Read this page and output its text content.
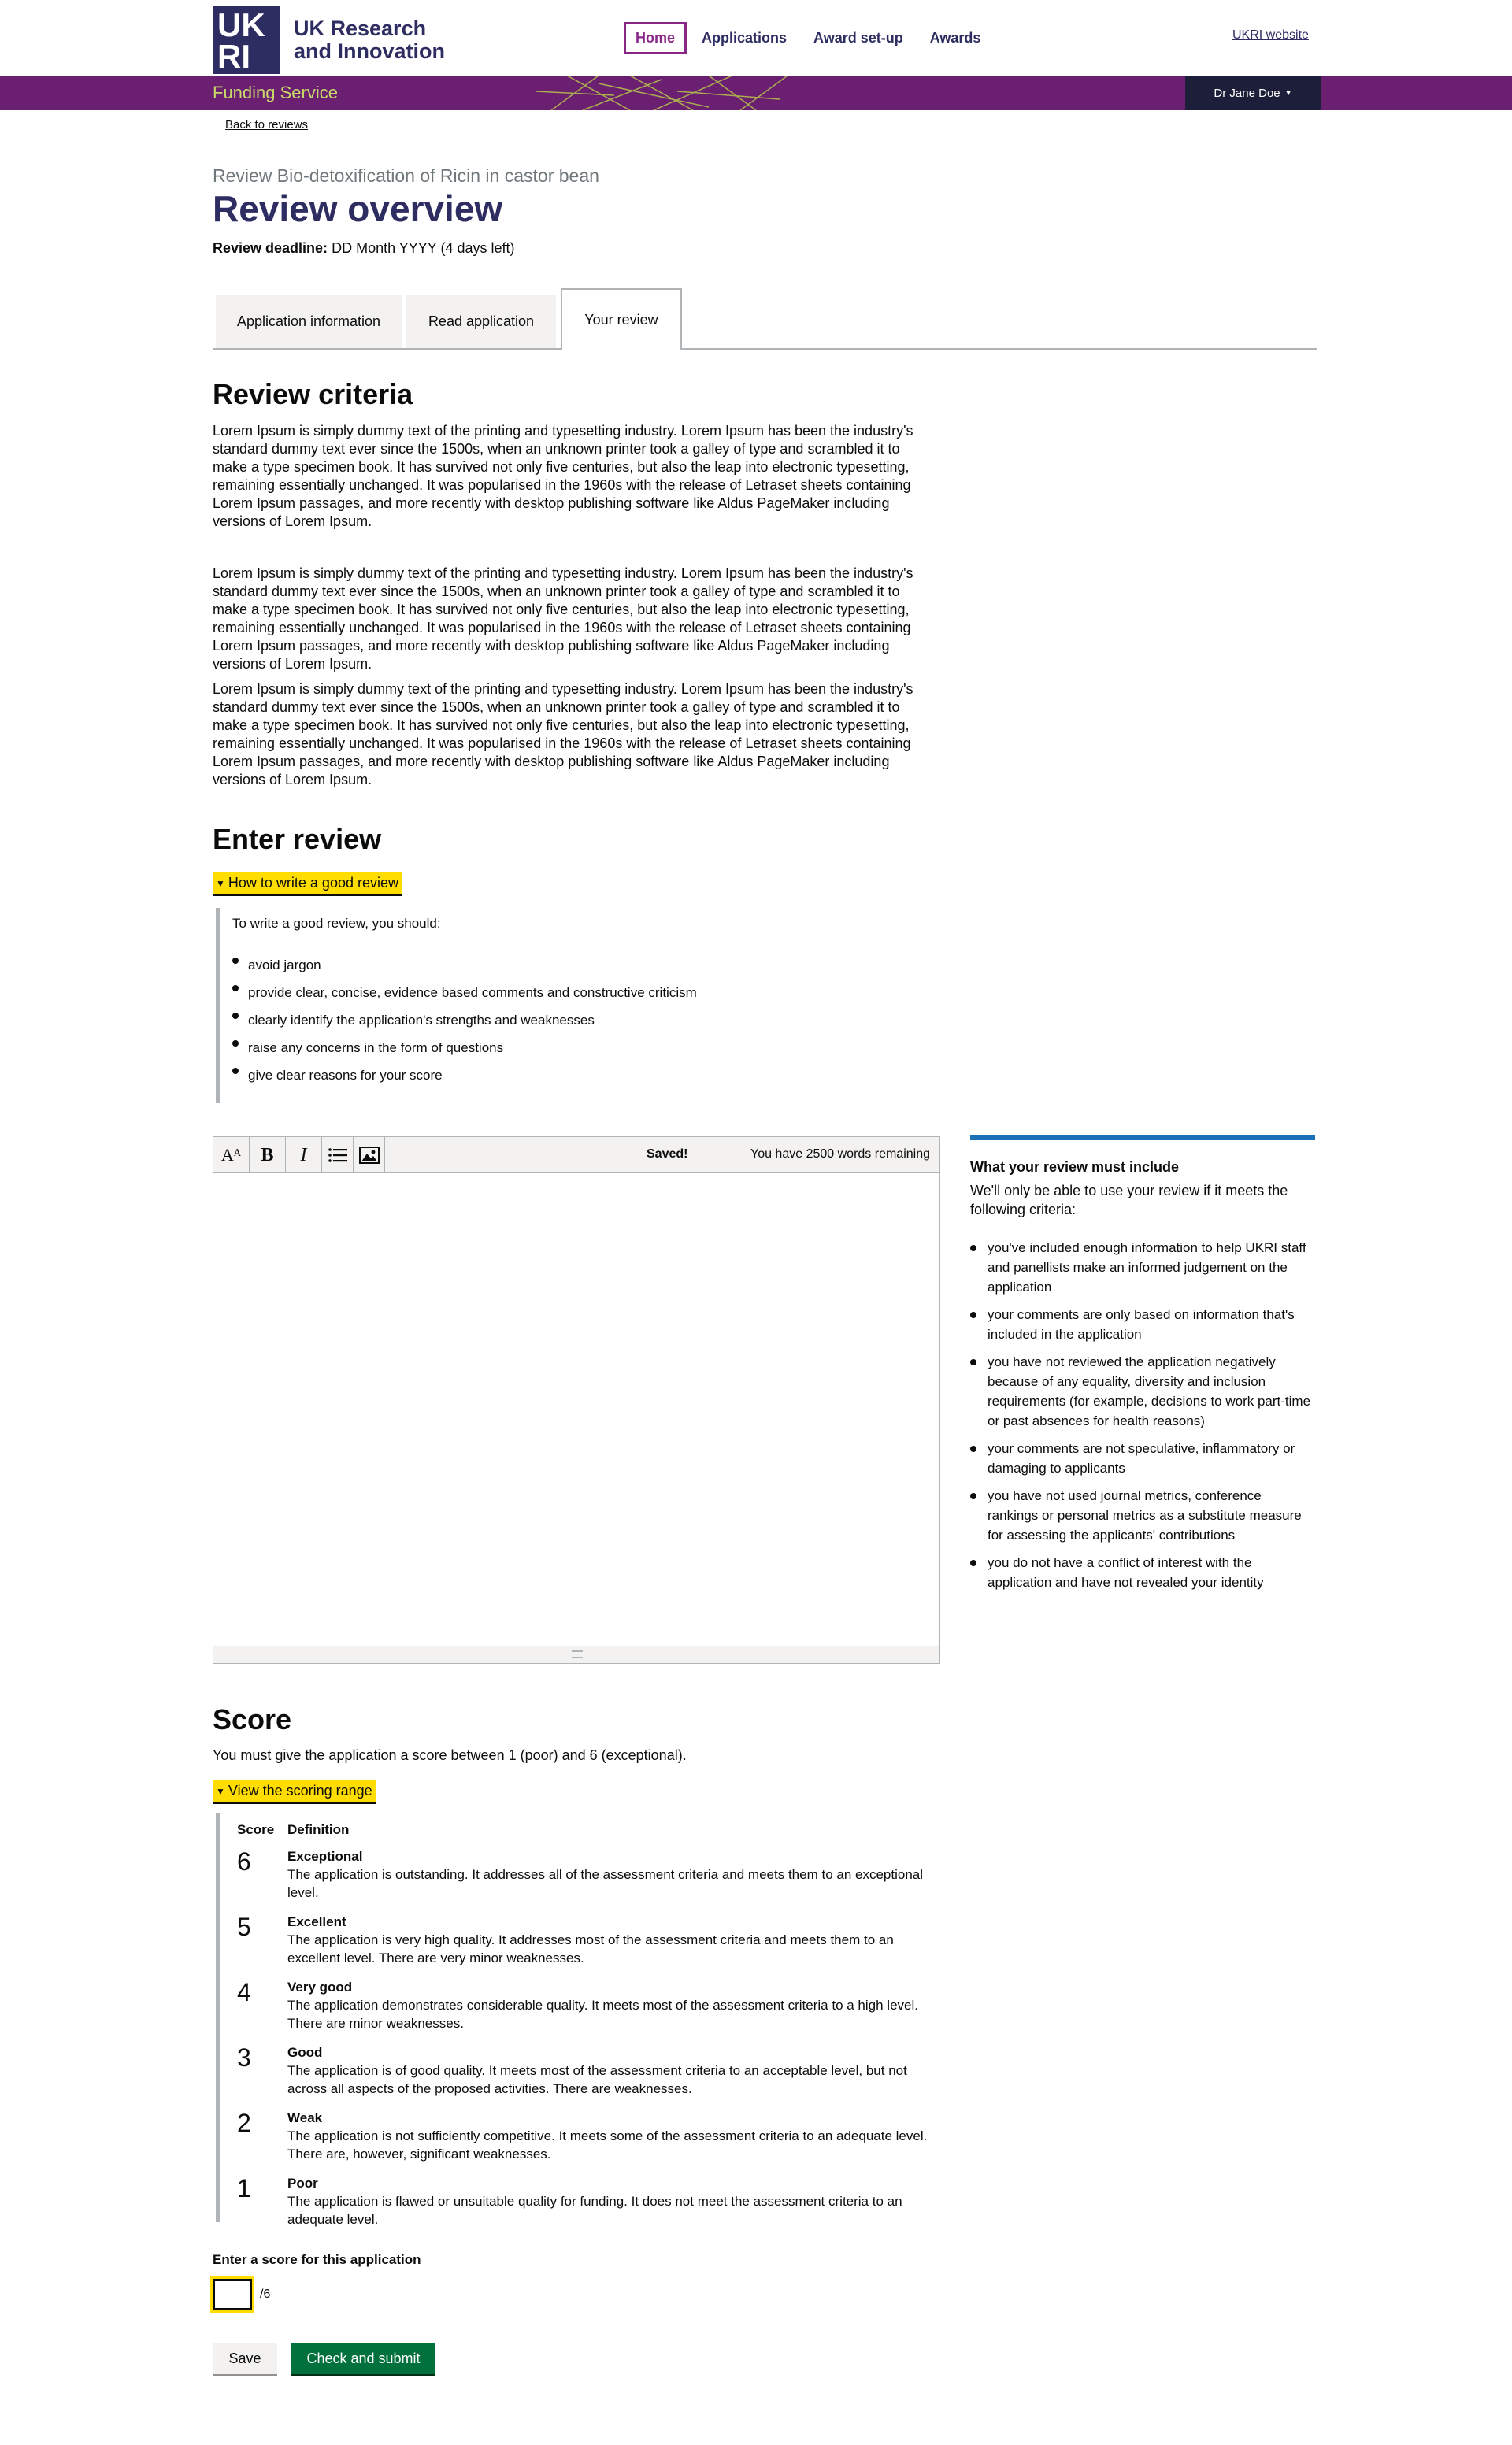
UK
RI
UK Research
and Innovation
Home	Applications	Award set-up	Awards	UKRI website
Funding Service	Dr Jane Doe ▼
Back to reviews
Review Bio-detoxification of Ricin in castor bean
Review overview
Review deadline: DD Month YYYY (4 days left)
Application information	Read application	Your review
Review criteria

Lorem Ipsum is simply dummy text of the printing and typesetting industry. Lorem Ipsum has been the industry's standard dummy text ever since the 1500s, when an unknown printer took a galley of type and scrambled it to make a type specimen book. It has survived not only five centuries, but also the leap into electronic typesetting, remaining essentially unchanged. It was popularised in the 1960s with the release of Letraset sheets containing Lorem Ipsum passages, and more recently with desktop publishing software like Aldus PageMaker including versions of Lorem Ipsum.

Lorem Ipsum is simply dummy text of the printing and typesetting industry. Lorem Ipsum has been the industry's standard dummy text ever since the 1500s, when an unknown printer took a galley of type and scrambled it to make a type specimen book. It has survived not only five centuries, but also the leap into electronic typesetting, remaining essentially unchanged. It was popularised in the 1960s with the release of Letraset sheets containing Lorem Ipsum passages, and more recently with desktop publishing software like Aldus PageMaker including versions of Lorem Ipsum.

Lorem Ipsum is simply dummy text of the printing and typesetting industry. Lorem Ipsum has been the industry's standard dummy text ever since the 1500s, when an unknown printer took a galley of type and scrambled it to make a type specimen book. It has survived not only five centuries, but also the leap into electronic typesetting, remaining essentially unchanged. It was popularised in the 1960s with the release of Letraset sheets containing Lorem Ipsum passages, and more recently with desktop publishing software like Aldus PageMaker including versions of Lorem Ipsum.

Enter review
▼ How to write a good review
To write a good review, you should:
avoid jargon
provide clear, concise, evidence based comments and constructive criticism
clearly identify the application's strengths and weaknesses
raise any concerns in the form of questions
give clear reasons for your score
Aᴬ B I	Saved!	You have 2500 words remaining
What your review must include
We'll only be able to use your review if it meets the following criteria:
you've included enough information to help UKRI staff and panellists make an informed judgement on the application
your comments are only based on information that's included in the application
you have not reviewed the application negatively because of any equality, diversity and inclusion requirements (for example, decisions to work part-time or past absences for health reasons)
your comments are not speculative, inflammatory or damaging to applicants
you have not used journal metrics, conference rankings or personal metrics as a substitute measure for assessing the applicants' contributions
you do not have a conflict of interest with the application and have not revealed your identity
Score

You must give the application a score between 1 (poor) and 6 (exceptional).

▼ View the scoring range
Score	Definition
6	Exceptional
The application is outstanding. It addresses all of the assessment criteria and meets them to an exceptional level.
5	Excellent
The application is very high quality. It addresses most of the assessment criteria and meets them to an excellent level. There are very minor weaknesses.
4	Very good
The application demonstrates considerable quality. It meets most of the assessment criteria to a high level. There are minor weaknesses.
3	Good
The application is of good quality. It meets most of the assessment criteria to an acceptable level, but not across all aspects of the proposed activities. There are weaknesses.
2	Weak
The application is not sufficiently competitive. It meets some of the assessment criteria to an adequate level. There are, however, significant weaknesses.
1	Poor
The application is flawed or unsuitable quality for funding. It does not meet the assessment criteria to an adequate level.
Enter a score for this application
/6
Save	Check and submit
